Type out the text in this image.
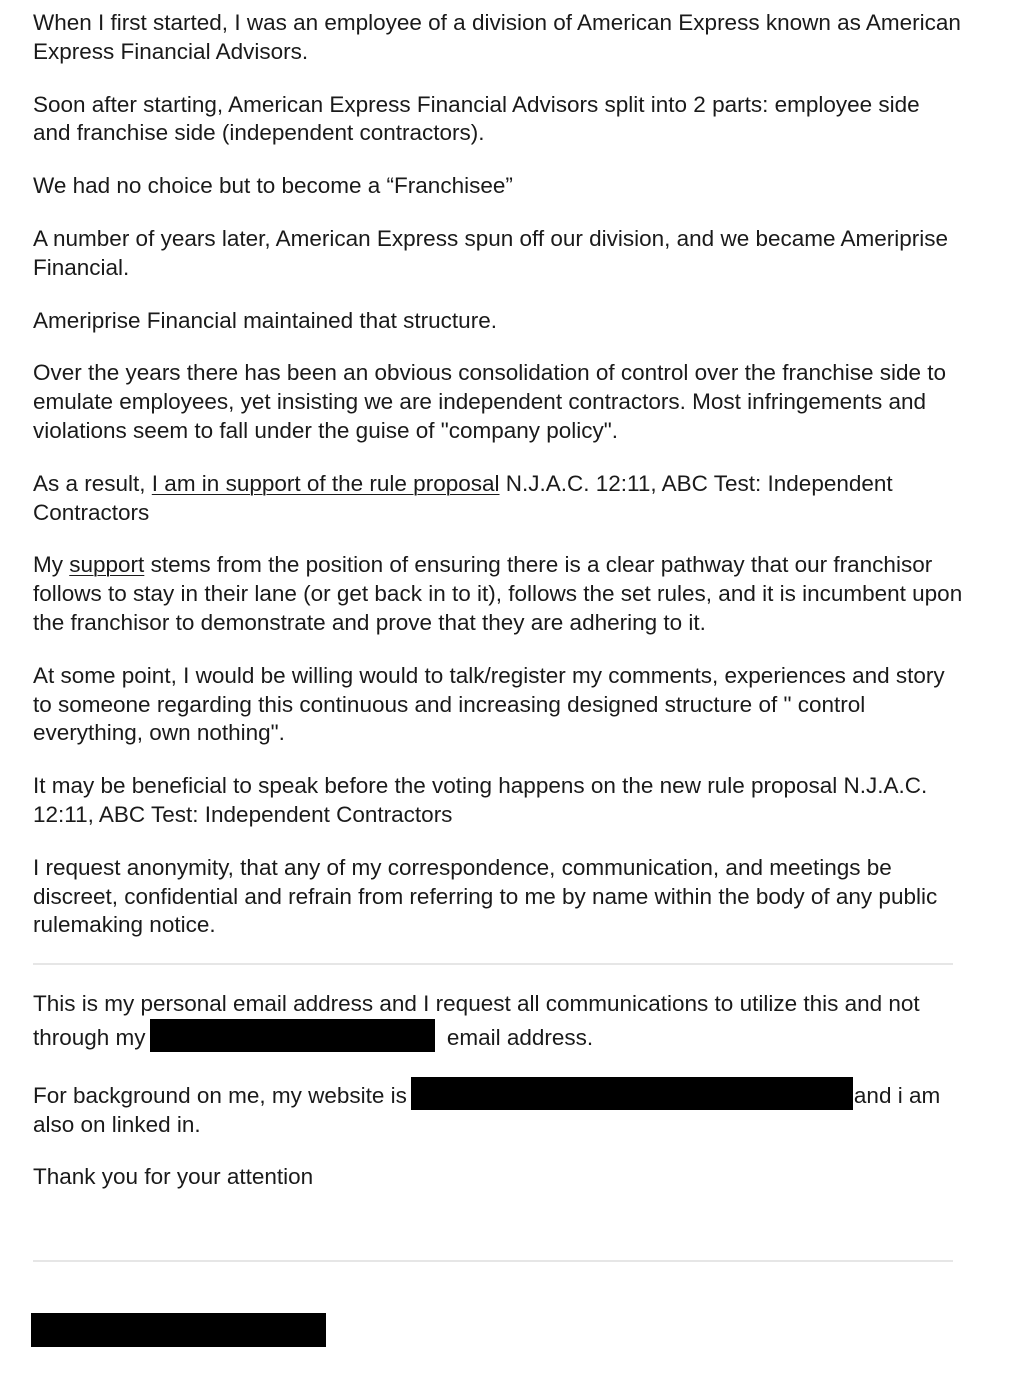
When I first started, I was an employee of a division of American Express known as American Express Financial Advisors.

Soon after starting, American Express Financial Advisors split into 2 parts: employee side and franchise side (independent contractors).

We had no choice but to become a “Franchisee”

A number of years later, American Express spun off our division, and we became Ameriprise Financial.

Ameriprise Financial maintained that structure.

Over the years there has been an obvious consolidation of control over the franchise side to emulate employees, yet insisting we are independent contractors. Most infringements and violations seem to fall under the guise of "company policy".

As a result, I am in support of the rule proposal N.J.A.C. 12:11, ABC Test: Independent Contractors

My support stems from the position of ensuring there is a clear pathway that our franchisor follows to stay in their lane (or get back in to it), follows the set rules, and it is incumbent upon the franchisor to demonstrate and prove that they are adhering to it.

At some point, I would be willing would to talk/register my comments, experiences and story to someone regarding this continuous and increasing designed structure of " control everything, own nothing".

It may be beneficial to speak before the voting happens on the new rule proposal N.J.A.C. 12:11, ABC Test: Independent Contractors

I request anonymity, that any of my correspondence, communication, and meetings be discreet, confidential and refrain from referring to me by name within the body of any public rulemaking notice.

This is my personal email address and I request all communications to utilize this and not through my	email address.

For background on me, my website is	and i am also on linked in.

Thank you for your attention
